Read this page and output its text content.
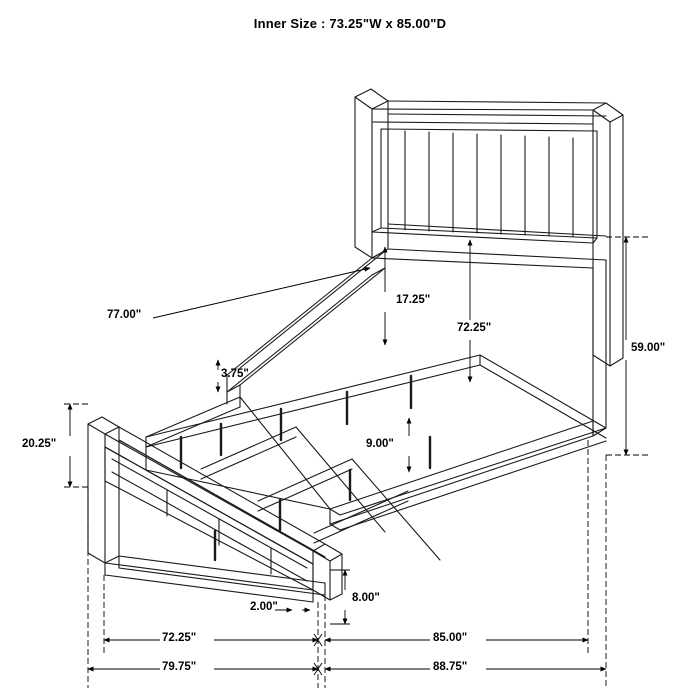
Inner Size : 73.25"W x 85.00"D
59.00"
72.25"
17.25"
77.00"
3.75"
20.25"	9.00"
8.00"
2.00"
72.25"	85.00"
79.75"	88.75"
